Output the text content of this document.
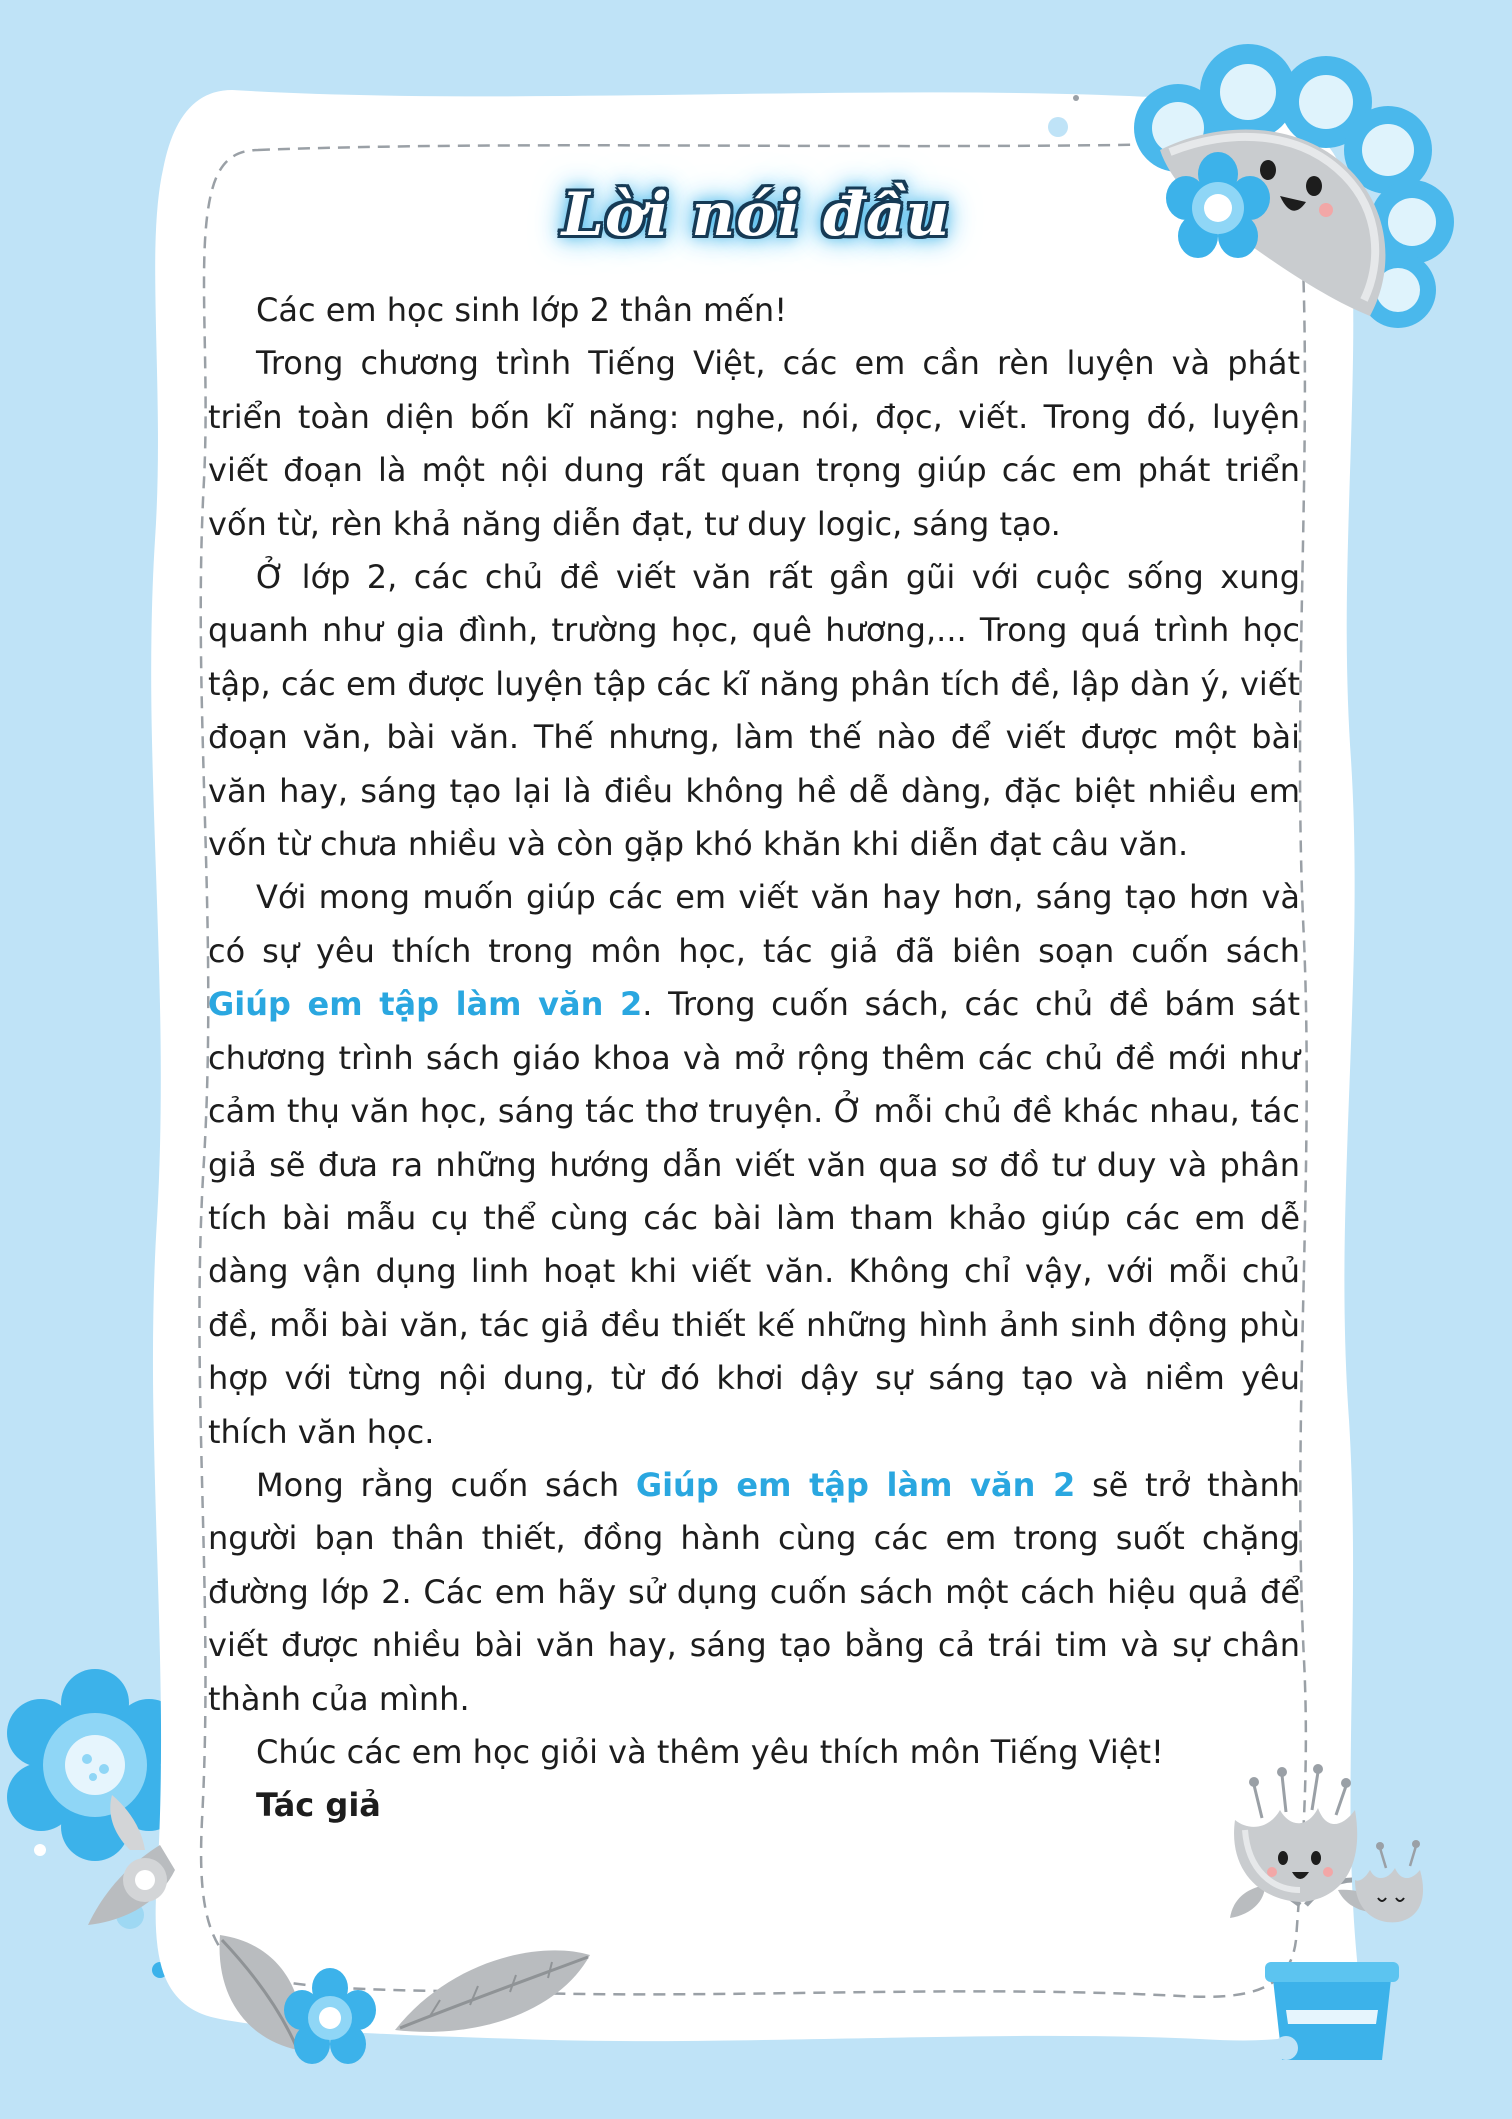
Lời nói đầu

Các em học sinh lớp 2 thân mến!

Trong chương trình Tiếng Việt, các em cần rèn luyện và phát triển toàn diện bốn kĩ năng: nghe, nói, đọc, viết. Trong đó, luyện viết đoạn là một nội dung rất quan trọng giúp các em phát triển vốn từ, rèn khả năng diễn đạt, tư duy logic, sáng tạo.

Ở lớp 2, các chủ đề viết văn rất gần gũi với cuộc sống xung quanh như gia đình, trường học, quê hương,... Trong quá trình học tập, các em được luyện tập các kĩ năng phân tích đề, lập dàn ý, viết đoạn văn, bài văn. Thế nhưng, làm thế nào để viết được một bài văn hay, sáng tạo lại là điều không hề dễ dàng, đặc biệt nhiều em vốn từ chưa nhiều và còn gặp khó khăn khi diễn đạt câu văn.

Với mong muốn giúp các em viết văn hay hơn, sáng tạo hơn và có sự yêu thích trong môn học, tác giả đã biên soạn cuốn sách Giúp em tập làm văn 2. Trong cuốn sách, các chủ đề bám sát chương trình sách giáo khoa và mở rộng thêm các chủ đề mới như cảm thụ văn học, sáng tác thơ truyện. Ở mỗi chủ đề khác nhau, tác giả sẽ đưa ra những hướng dẫn viết văn qua sơ đồ tư duy và phân tích bài mẫu cụ thể cùng các bài làm tham khảo giúp các em dễ dàng vận dụng linh hoạt khi viết văn. Không chỉ vậy, với mỗi chủ đề, mỗi bài văn, tác giả đều thiết kế những hình ảnh sinh động phù hợp với từng nội dung, từ đó khơi dậy sự sáng tạo và niềm yêu thích văn học.

Mong rằng cuốn sách Giúp em tập làm văn 2 sẽ trở thành người bạn thân thiết, đồng hành cùng các em trong suốt chặng đường lớp 2. Các em hãy sử dụng cuốn sách một cách hiệu quả để viết được nhiều bài văn hay, sáng tạo bằng cả trái tim và sự chân thành của mình.

Chúc các em học giỏi và thêm yêu thích môn Tiếng Việt!

Tác giả
